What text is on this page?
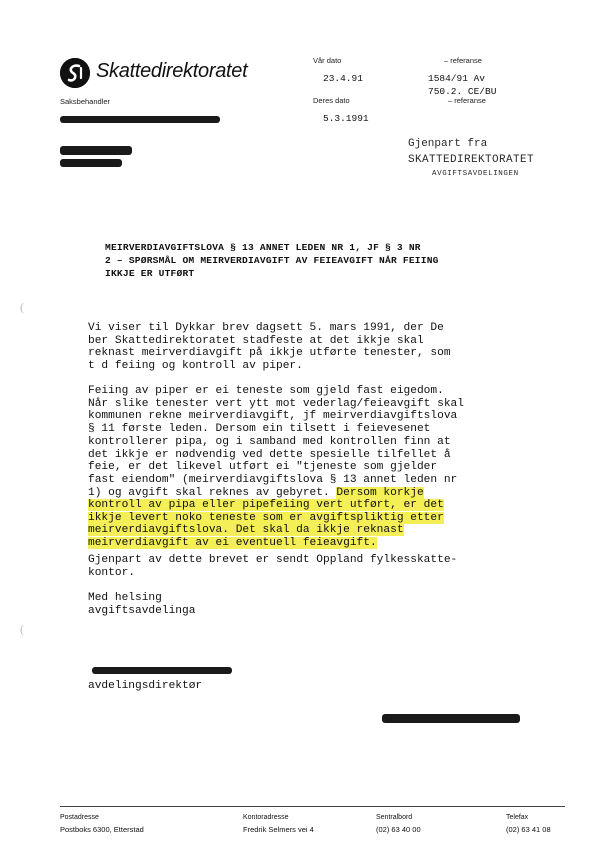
Skattedirektoratet
Saksbehandler
Vår dato
23.4.91
– referanse
1584/91 Av
Deres dato
750.2. CE/BU
– referanse
5.3.1991
Gjenpart fra
SKATTEDIREKTORATET
AVGIFTSAVDELINGEN
(
(
MEIRVERDIAVGIFTSLOVA § 13 ANNET LEDEN NR 1, JF § 3 NR
2 – SPØRSMÅL OM MEIRVERDIAVGIFT AV FEIEAVGIFT NÅR FEIING
IKKJE ER UTFØRT
Vi viser til Dykkar brev dagsett 5. mars 1991, der De
ber Skattedirektoratet stadfeste at det ikkje skal
reknast meirverdiavgift på ikkje utførte tenester, som
t d feiing og kontroll av piper.
Feiing av piper er ei teneste som gjeld fast eigedom.
Når slike tenester vert ytt mot vederlag/feieavgift skal
kommunen rekne meirverdiavgift, jf meirverdiavgiftslova
§ 11 første leden. Dersom ein tilsett i feievesenet
kontrollerer pipa, og i samband med kontrollen finn at
det ikkje er nødvendig ved dette spesielle tilfellet å
feie, er det likevel utført ei "tjeneste som gjelder
fast eiendom" (meirverdiavgiftslova § 13 annet leden nr
1) og avgift skal reknes av gebyret. Dersom korkje
kontroll av pipa eller pipefeiing vert utført, er det
ikkje levert noko teneste som er avgiftspliktig etter
meirverdiavgiftslova. Det skal da ikkje reknast
meirverdiavgift av ei eventuell feieavgift.
Gjenpart av dette brevet er sendt Oppland fylkesskatte-
kontor.
Med helsing
avgiftsavdelinga
avdelingsdirektør
Postadresse
Postboks 6300, Etterstad
Kontoradresse
Fredrik Selmers vei 4
Sentralbord
(02) 63 40 00
Telefax
(02) 63 41 08
